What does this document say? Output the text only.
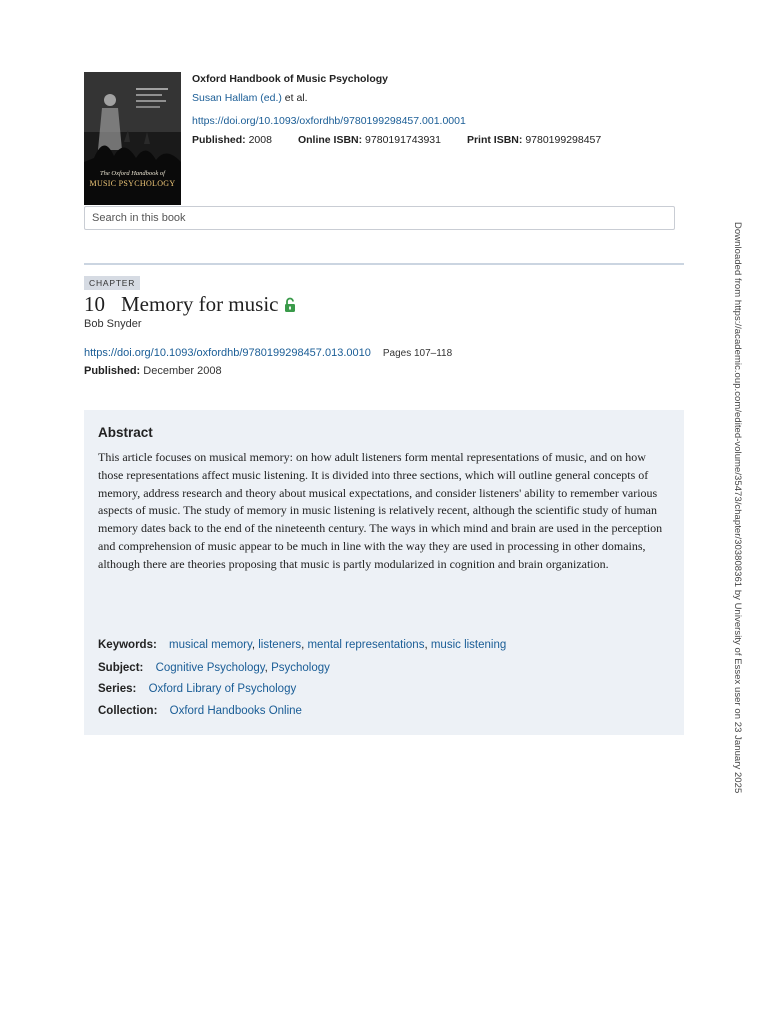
The Oxford Handbook of
MUSIC PSYCHOLOGY
Oxford Handbook of Music Psychology
Susan Hallam (ed.) et al.
https://doi.org/10.1093/oxfordhb/9780199298457.001.0001
Published: 2008 Online ISBN: 9780191743931 Print ISBN: 9780199298457
Search in this book
CHAPTER
10 Memory for music
Bob Snyder
https://doi.org/10.1093/oxfordhb/9780199298457.013.0010 Pages 107–118
Published: December 2008
Abstract

This article focuses on musical memory: on how adult listeners form mental representations of music, and on how those representations affect music listening. It is divided into three sections, which will outline general concepts of memory, address research and theory about musical expectations, and consider listeners' ability to remember various aspects of music. The study of memory in music listening is relatively recent, although the scientific study of human memory dates back to the end of the nineteenth century. The ways in which mind and brain are used in the perception and comprehension of music appear to be much in line with the way they are used in processing in other domains, although there are theories proposing that music is partly modularized in cognition and brain organization.

Keywords: musical memory, listeners, mental representations, music listening
Subject: Cognitive Psychology, Psychology
Series: Oxford Library of Psychology
Collection: Oxford Handbooks Online	Downloaded from https://academic.oup.com/edited-volume/35473/chapter/303808361 by University of Essex user on 23 January 2025
